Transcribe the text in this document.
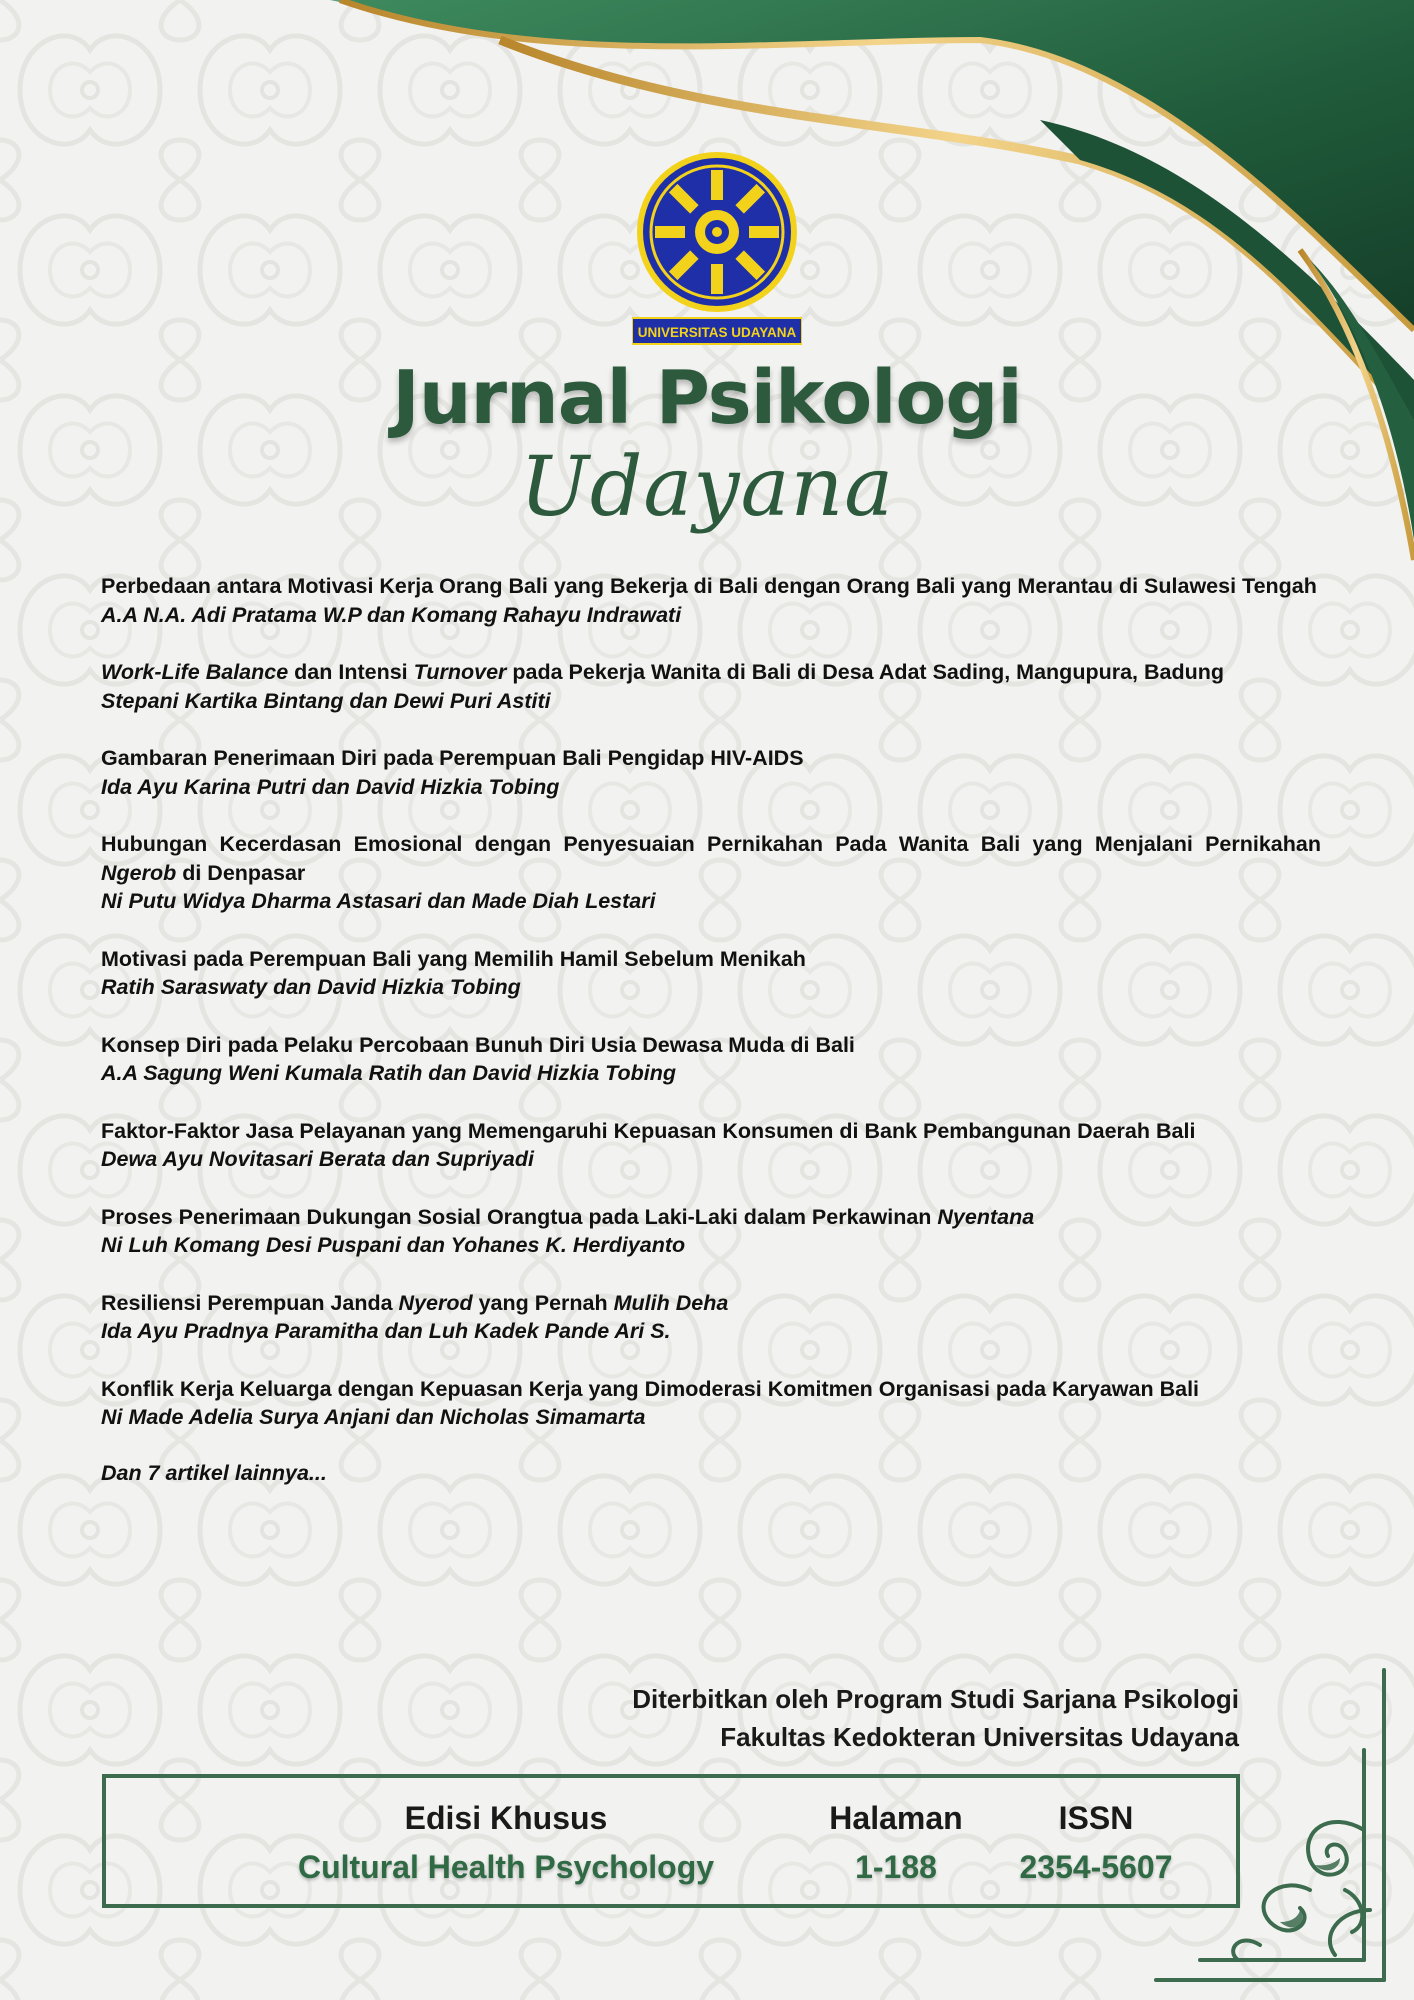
UNIVERSITAS UDAYANA
Jurnal Psikologi
Udayana
Perbedaan antara Motivasi Kerja Orang Bali yang Bekerja di Bali dengan Orang Bali yang Merantau di Sulawesi Tengah
A.A N.A. Adi Pratama W.P dan Komang Rahayu Indrawati
Work-Life Balance dan Intensi Turnover pada Pekerja Wanita di Bali di Desa Adat Sading, Mangupura, Badung
Stepani Kartika Bintang dan Dewi Puri Astiti
Gambaran Penerimaan Diri pada Perempuan Bali Pengidap HIV-AIDS
Ida Ayu Karina Putri dan David Hizkia Tobing
Hubungan Kecerdasan Emosional dengan Penyesuaian Pernikahan Pada Wanita Bali yang Menjalani Pernikahan Ngerob di Denpasar
Ni Putu Widya Dharma Astasari dan Made Diah Lestari
Motivasi pada Perempuan Bali yang Memilih Hamil Sebelum Menikah
Ratih Saraswaty dan David Hizkia Tobing
Konsep Diri pada Pelaku Percobaan Bunuh Diri Usia Dewasa Muda di Bali
A.A Sagung Weni Kumala Ratih dan David Hizkia Tobing
Faktor-Faktor Jasa Pelayanan yang Memengaruhi Kepuasan Konsumen di Bank Pembangunan Daerah Bali
Dewa Ayu Novitasari Berata dan Supriyadi
Proses Penerimaan Dukungan Sosial Orangtua pada Laki-Laki dalam Perkawinan Nyentana
Ni Luh Komang Desi Puspani dan Yohanes K. Herdiyanto
Resiliensi Perempuan Janda Nyerod yang Pernah Mulih Deha
Ida Ayu Pradnya Paramitha dan Luh Kadek Pande Ari S.
Konflik Kerja Keluarga dengan Kepuasan Kerja yang Dimoderasi Komitmen Organisasi pada Karyawan Bali
Ni Made Adelia Surya Anjani dan Nicholas Simamarta
Dan 7 artikel lainnya...
Diterbitkan oleh Program Studi Sarjana Psikologi
Fakultas Kedokteran Universitas Udayana
Edisi Khusus
Cultural Health Psychology
Halaman
1-188
ISSN
2354-5607
